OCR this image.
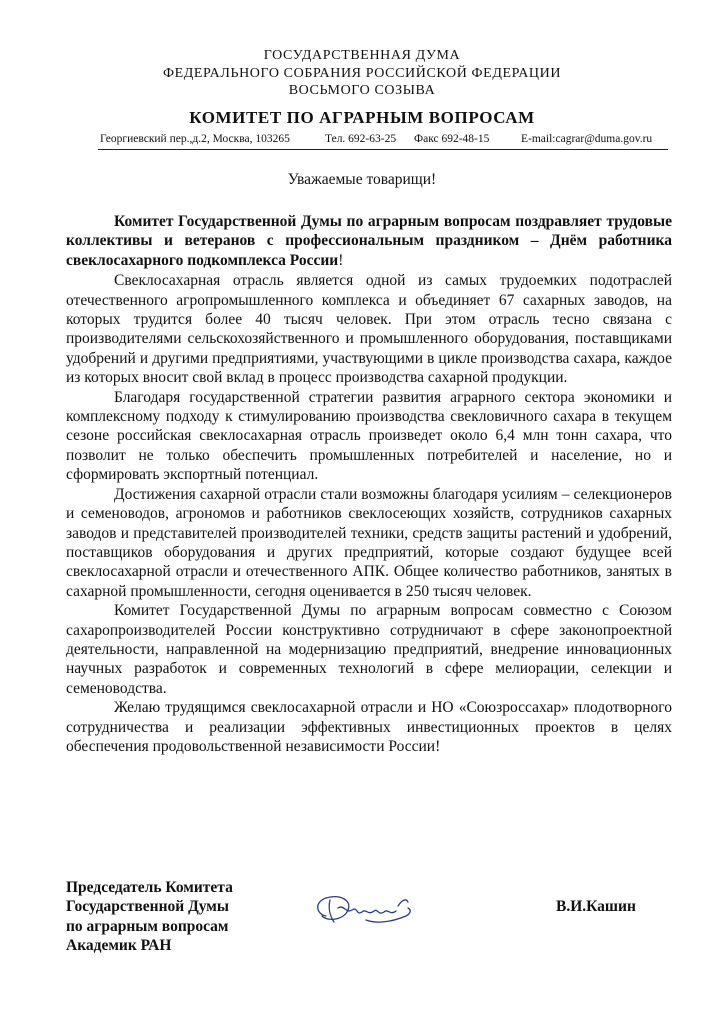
ГОСУДАРСТВЕННАЯ ДУМА
ФЕДЕРАЛЬНОГО СОБРАНИЯ РОССИЙСКОЙ ФЕДЕРАЦИИ
ВОСЬМОГО СОЗЫВА
КОМИТЕТ ПО АГРАРНЫМ ВОПРОСАМ
Георгиевский пер.,д.2, Москва, 103265	Тел. 692-63-25 Факс 692-48-15	E-mail:cagrar@duma.gov.ru
Уважаемые товарищи!

Комитет Государственной Думы по аграрным вопросам поздравляет трудовые коллективы и ветеранов с профессиональным праздником – Днём работника свеклосахарного подкомплекса России!

Свеклосахарная отрасль является одной из самых трудоемких подотраслей отечественного агропромышленного комплекса и объединяет 67 сахарных заводов, на которых трудится более 40 тысяч человек. При этом отрасль тесно связана с производителями сельскохозяйственного и промышленного оборудования, поставщиками удобрений и другими предприятиями, участвующими в цикле производства сахара, каждое из которых вносит свой вклад в процесс производства сахарной продукции.

Благодаря государственной стратегии развития аграрного сектора экономики и комплексному подходу к стимулированию производства свекловичного сахара в текущем сезоне российская свеклосахарная отрасль произведет около 6,4 млн тонн сахара, что позволит не только обеспечить промышленных потребителей и население, но и сформировать экспортный потенциал.

Достижения сахарной отрасли стали возможны благодаря усилиям – селекционеров и семеноводов, агрономов и работников свеклосеющих хозяйств, сотрудников сахарных заводов и представителей производителей техники, средств защиты растений и удобрений, поставщиков оборудования и других предприятий, которые создают будущее всей свеклосахарной отрасли и отечественного АПК. Общее количество работников, занятых в сахарной промышленности, сегодня оценивается в 250 тысяч человек.

Комитет Государственной Думы по аграрным вопросам совместно с Союзом сахаропроизводителей России конструктивно сотрудничают в сфере законопроектной деятельности, направленной на модернизацию предприятий, внедрение инновационных научных разработок и современных технологий в сфере мелиорации, селекции и семеноводства.

Желаю трудящимся свеклосахарной отрасли и НО «Союзроссахар» плодотворного сотрудничества и реализации эффективных инвестиционных проектов в целях обеспечения продовольственной независимости России!

Председатель Комитета
Государственной Думы
по аграрным вопросам
Академик РАН
В.И.Кашин
